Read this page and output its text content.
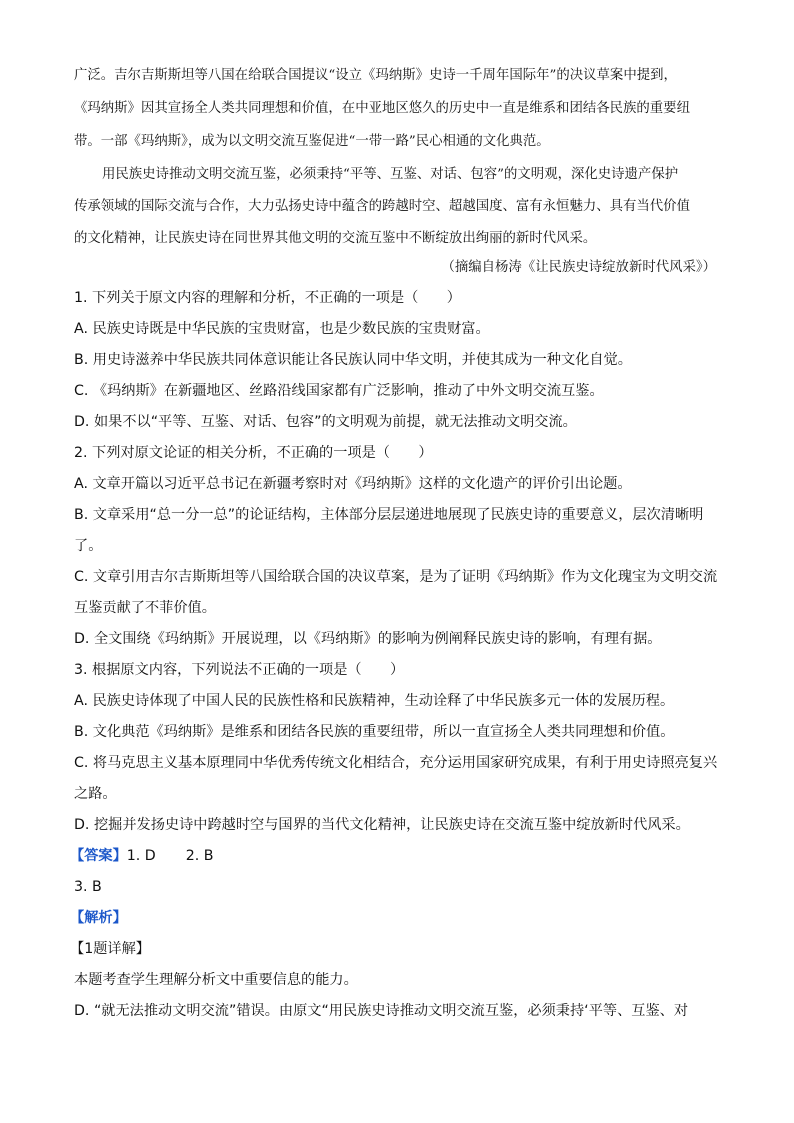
广泛。吉尔吉斯斯坦等八国在给联合国提议“设立《玛纳斯》史诗一千周年国际年”的决议草案中提到，
《玛纳斯》因其宣扬全人类共同理想和价值，在中亚地区悠久的历史中一直是维系和团结各民族的重要纽
带。一部《玛纳斯》，成为以文明交流互鉴促进“一带一路”民心相通的文化典范。
用民族史诗推动文明交流互鉴，必须秉持“平等、互鉴、对话、包容”的文明观，深化史诗遗产保护
传承领域的国际交流与合作，大力弘扬史诗中蕴含的跨越时空、超越国度、富有永恒魅力、具有当代价值
的文化精神，让民族史诗在同世界其他文明的交流互鉴中不断绽放出绚丽的新时代风采。
（摘编自杨涛《让民族史诗绽放新时代风采》）
1. 下列关于原文内容的理解和分析，不正确的一项是（　　）
A. 民族史诗既是中华民族的宝贵财富，也是少数民族的宝贵财富。
B. 用史诗滋养中华民族共同体意识能让各民族认同中华文明，并使其成为一种文化自觉。
C. 《玛纳斯》在新疆地区、丝路沿线国家都有广泛影响，推动了中外文明交流互鉴。
D. 如果不以“平等、互鉴、对话、包容”的文明观为前提，就无法推动文明交流。
2. 下列对原文论证的相关分析，不正确的一项是（　　）
A. 文章开篇以习近平总书记在新疆考察时对《玛纳斯》这样的文化遗产的评价引出论题。
B. 文章采用“总一分一总”的论证结构，主体部分层层递进地展现了民族史诗的重要意义，层次清晰明
了。
C. 文章引用吉尔吉斯斯坦等八国给联合国的决议草案，是为了证明《玛纳斯》作为文化瑰宝为文明交流
互鉴贡献了不菲价值。
D. 全文围绕《玛纳斯》开展说理，以《玛纳斯》的影响为例阐释民族史诗的影响，有理有据。
3. 根据原文内容，下列说法不正确的一项是（　　）
A. 民族史诗体现了中国人民的民族性格和民族精神，生动诠释了中华民族多元一体的发展历程。
B. 文化典范《玛纳斯》是维系和团结各民族的重要纽带，所以一直宣扬全人类共同理想和价值。
C. 将马克思主义基本原理同中华优秀传统文化相结合，充分运用国家研究成果，有利于用史诗照亮复兴
之路。
D. 挖掘并发扬史诗中跨越时空与国界的当代文化精神，让民族史诗在交流互鉴中绽放新时代风采。
【答案】1. D 2. B
3. B
【解析】
【1题详解】
本题考查学生理解分析文中重要信息的能力。
D. “就无法推动文明交流”错误。由原文“用民族史诗推动文明交流互鉴，必须秉持‘平等、互鉴、对
